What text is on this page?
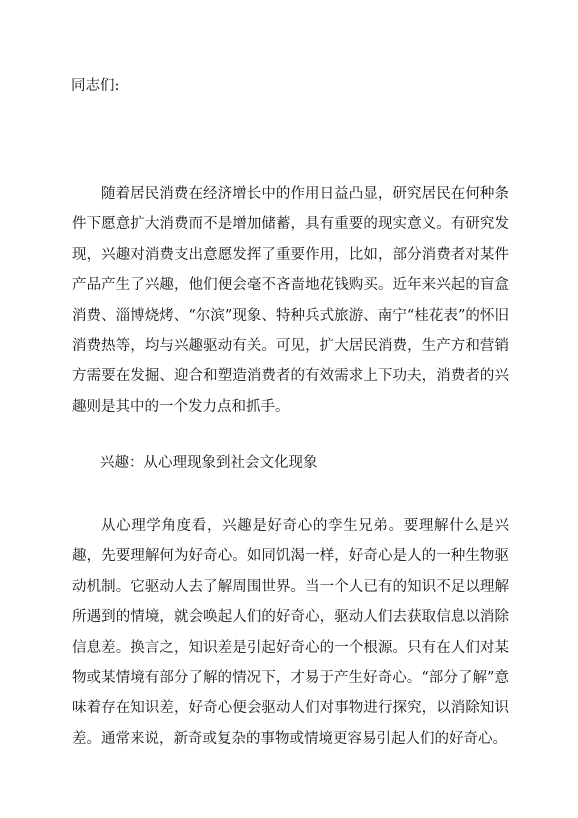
同志们:

随着居民消费在经济增长中的作用日益凸显，研究居民在何种条件下愿意扩大消费而不是增加储蓄，具有重要的现实意义。有研究发现，兴趣对消费支出意愿发挥了重要作用，比如，部分消费者对某件产品产生了兴趣，他们便会毫不吝啬地花钱购买。近年来兴起的盲盒消费、淄博烧烤、“尔滨”现象、特种兵式旅游、南宁“桂花表”的怀旧消费热等，均与兴趣驱动有关。可见，扩大居民消费，生产方和营销方需要在发掘、迎合和塑造消费者的有效需求上下功夫，消费者的兴趣则是其中的一个发力点和抓手。

兴趣：从心理现象到社会文化现象

从心理学角度看，兴趣是好奇心的孪生兄弟。要理解什么是兴趣，先要理解何为好奇心。如同饥渴一样，好奇心是人的一种生物驱动机制。它驱动人去了解周围世界。当一个人已有的知识不足以理解所遇到的情境，就会唤起人们的好奇心，驱动人们去获取信息以消除信息差。换言之，知识差是引起好奇心的一个根源。只有在人们对某物或某情境有部分了解的情况下，才易于产生好奇心。“部分了解”意味着存在知识差，好奇心便会驱动人们对事物进行探究，以消除知识差。通常来说，新奇或复杂的事物或情境更容易引起人们的好奇心。
